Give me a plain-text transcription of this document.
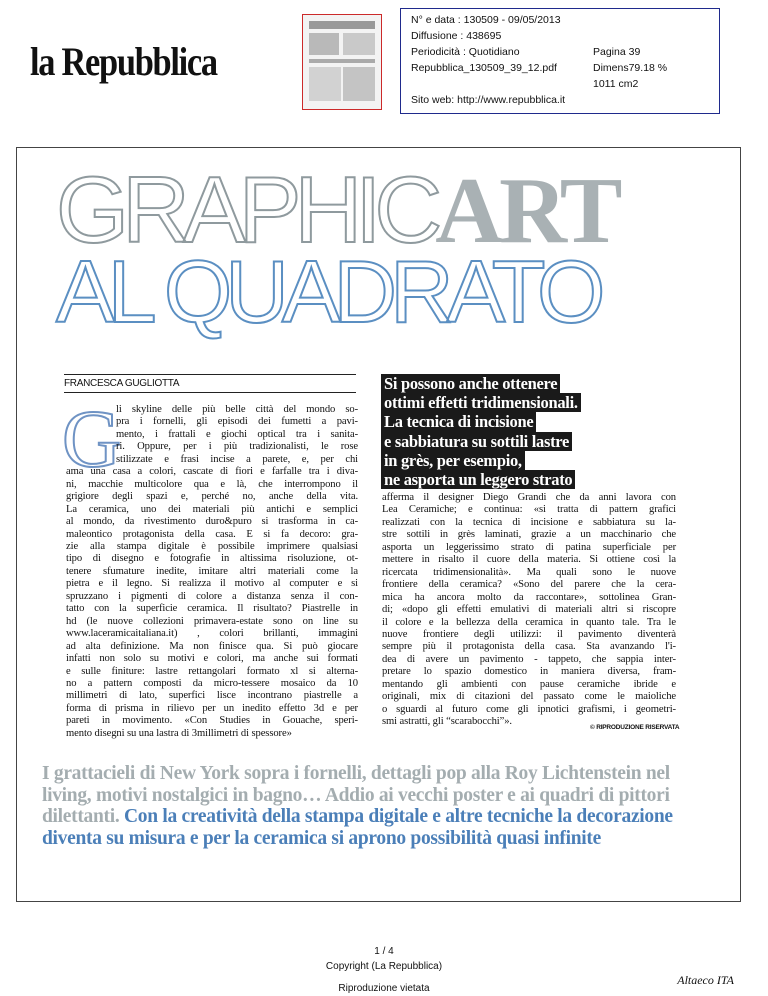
la Repubblica
N° e data : 130509 - 09/05/2013
Diffusione : 438695
Periodicità : Quotidiano
Repubblica_130509_39_12.pdf
Pagina 39
Dimens79.18 %
1011 cm2
Sito web: http://www.repubblica.it
GRAPHICART
AL QUADRATO
FRANCESCA GUGLIOTTA
G

li skyline delle più belle città del mondo so-

pra i fornelli, gli episodi dei fumetti a pavi-

mento, i frattali e giochi optical tra i sanita-

ri. Oppure, per i più tradizionalisti, le rose

stilizzate e frasi incise a parete, e, per chi

ama una casa a colori, cascate di fiori e farfalle tra i diva-

ni, macchie multicolore qua e là, che interrompono il

grigiore degli spazi e, perché no, anche della vita.

La ceramica, uno dei materiali più antichi e semplici

al mondo, da rivestimento duro&puro si trasforma in ca-

maleontico protagonista della casa. E si fa decoro: gra-

zie alla stampa digitale è possibile imprimere qualsiasi

tipo di disegno e fotografie in altissima risoluzione, ot-

tenere sfumature inedite, imitare altri materiali come la

pietra e il legno. Si realizza il motivo al computer e si

spruzzano i pigmenti di colore a distanza senza il con-

tatto con la superficie ceramica. Il risultato? Piastrelle in

hd (le nuove collezioni primavera-estate sono on line su

www.laceramicaitaliana.it) , colori brillanti, immagini

ad alta definizione. Ma non finisce qua. Si può giocare

infatti non solo su motivi e colori, ma anche sui formati

e sulle finiture: lastre rettangolari formato xl si alterna-

no a pattern composti da micro-tessere mosaico da 10

millimetri di lato, superfici lisce incontrano piastrelle a

forma di prisma in rilievo per un inedito effetto 3d e per

pareti in movimento. «Con Studies in Gouache, speri-

mento disegni su una lastra di 3millimetri di spessore»

Si possono anche ottenere
ottimi effetti tridimensionali.
La tecnica di incisione
e sabbiatura su sottili lastre
in grès, per esempio,
ne asporta un leggero strato

afferma il designer Diego Grandi che da anni lavora con

Lea Ceramiche; e continua: «si tratta di pattern grafici

realizzati con la tecnica di incisione e sabbiatura su la-

stre sottili in grès laminati, grazie a un macchinario che

asporta un leggerissimo strato di patina superficiale per

mettere in risalto il cuore della materia. Si ottiene così la

ricercata tridimensionalità». Ma quali sono le nuove

frontiere della ceramica? «Sono del parere che la cera-

mica ha ancora molto da raccontare», sottolinea Gran-

di; «dopo gli effetti emulativi di materiali altri si riscopre

il colore e la bellezza della ceramica in quanto tale. Tra le

nuove frontiere degli utilizzi: il pavimento diventerà

sempre più il protagonista della casa. Sta avanzando l'i-

dea di avere un pavimento - tappeto, che sappia inter-

pretare lo spazio domestico in maniera diversa, fram-

mentando gli ambienti con pause ceramiche ibride e

originali, mix di citazioni del passato come le maioliche

o sguardi al futuro come gli ipnotici grafismi, i geometri-

smi astratti, gli “scarabocchi”».

© RIPRODUZIONE RISERVATA
I grattacieli di New York sopra i fornelli, dettagli pop alla Roy Lichtenstein nel living, motivi nostalgici in bagno… Addio ai vecchi poster e ai quadri di pittori dilettanti. Con la creatività della stampa digitale e altre tecniche la decorazione diventa su misura e per la ceramica si aprono possibilità quasi infinite
1 / 4
Copyright (La Repubblica)
Riproduzione vietata
Altaeco ITA
